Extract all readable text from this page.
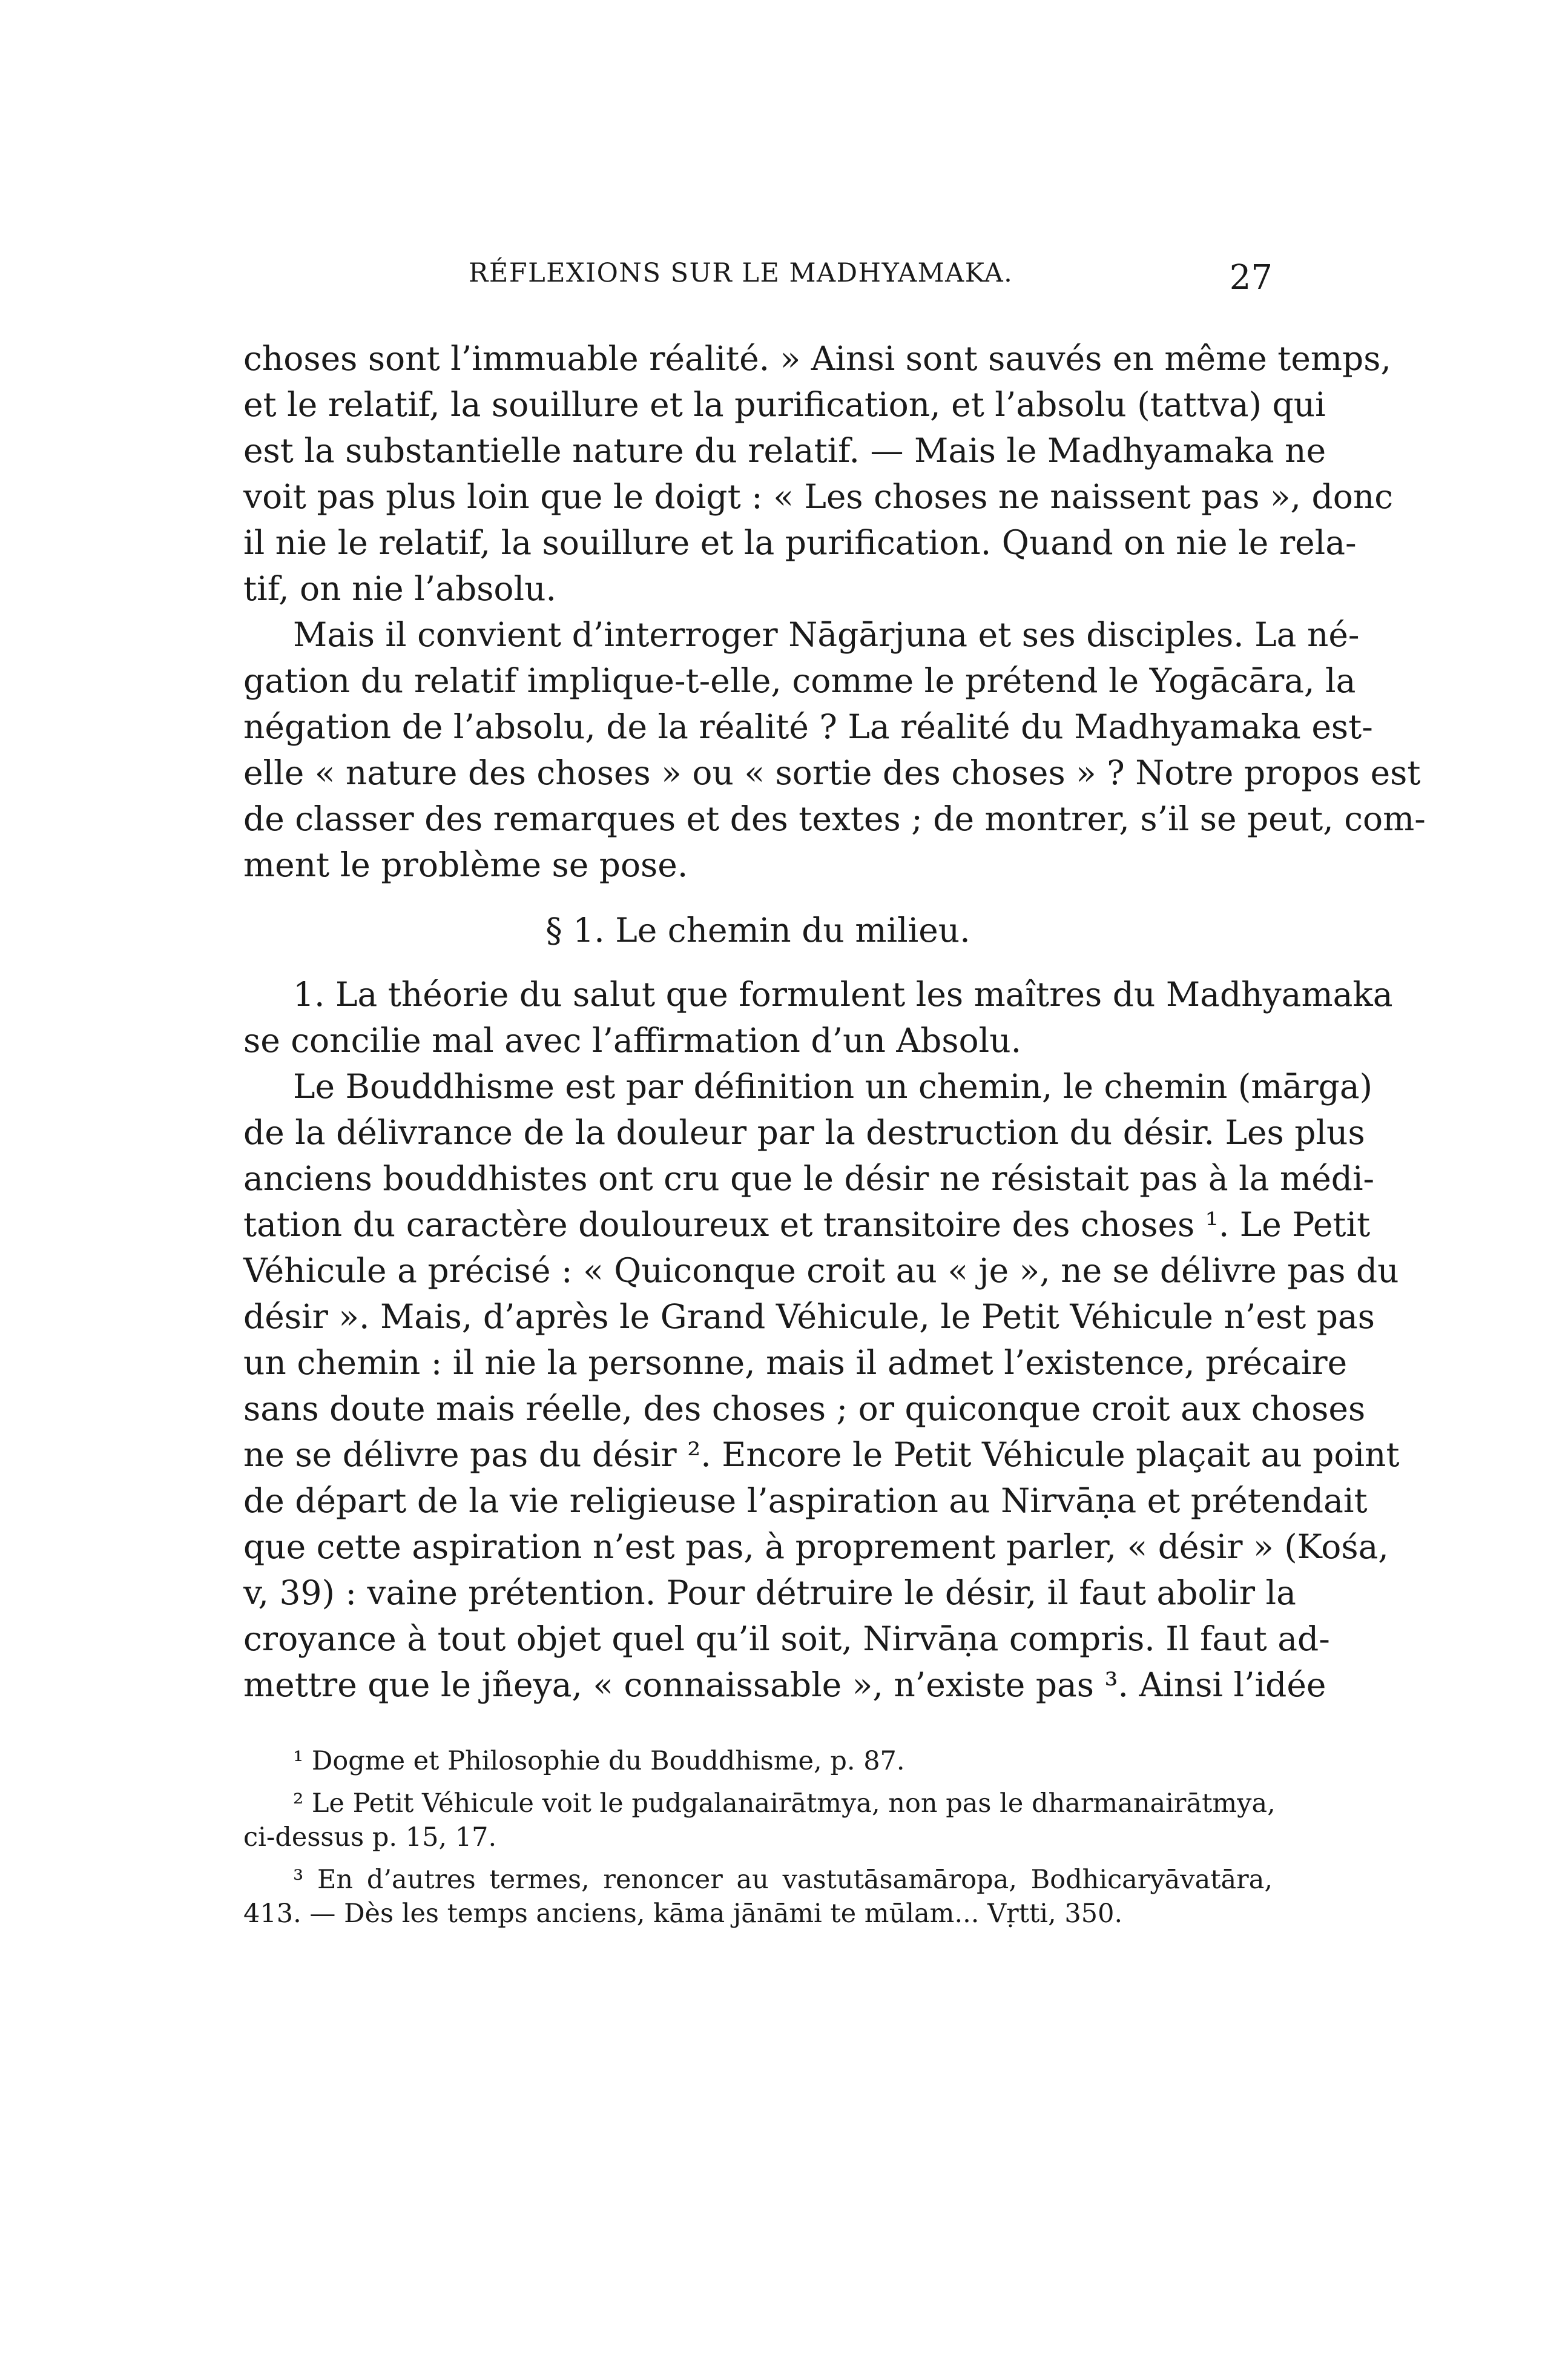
RÉFLEXIONS SUR LE MADHYAMAKA.	27
choses sont l’immuable réalité. » Ainsi sont sauvés en même temps,
et le relatif, la souillure et la purification, et l’absolu (tattva) qui
est la substantielle nature du relatif. — Mais le Madhyamaka ne
voit pas plus loin que le doigt : « Les choses ne naissent pas », donc
il nie le relatif, la souillure et la purification. Quand on nie le rela-
tif, on nie l’absolu.
Mais il convient d’interroger Nāgārjuna et ses disciples. La né-
gation du relatif implique-t-elle, comme le prétend le Yogācāra, la
négation de l’absolu, de la réalité ? La réalité du Madhyamaka est-
elle « nature des choses » ou « sortie des choses » ? Notre propos est
de classer des remarques et des textes ; de montrer, s’il se peut, com-
ment le problème se pose.
§ 1. Le chemin du milieu.
1. La théorie du salut que formulent les maîtres du Madhyamaka
se concilie mal avec l’affirmation d’un Absolu.
Le Bouddhisme est par définition un chemin, le chemin (mārga)
de la délivrance de la douleur par la destruction du désir. Les plus
anciens bouddhistes ont cru que le désir ne résistait pas à la médi-
tation du caractère douloureux et transitoire des choses ¹. Le Petit
Véhicule a précisé : « Quiconque croit au « je », ne se délivre pas du
désir ». Mais, d’après le Grand Véhicule, le Petit Véhicule n’est pas
un chemin : il nie la personne, mais il admet l’existence, précaire
sans doute mais réelle, des choses ; or quiconque croit aux choses
ne se délivre pas du désir ². Encore le Petit Véhicule plaçait au point
de départ de la vie religieuse l’aspiration au Nirvāṇa et prétendait
que cette aspiration n’est pas, à proprement parler, « désir » (Kośa,
v, 39) : vaine prétention. Pour détruire le désir, il faut abolir la
croyance à tout objet quel qu’il soit, Nirvāṇa compris. Il faut ad-
mettre que le jñeya, « connaissable », n’existe pas ³. Ainsi l’idée
¹ Dogme et Philosophie du Bouddhisme, p. 87.
² Le Petit Véhicule voit le pudgalanairātmya, non pas le dharmanairātmya,
ci-dessus p. 15, 17.
³ En d’autres termes, renoncer au vastutāsamāropa, Bodhicaryāvatāra,
413. — Dès les temps anciens, kāma jānāmi te mūlam... Vṛtti, 350.
